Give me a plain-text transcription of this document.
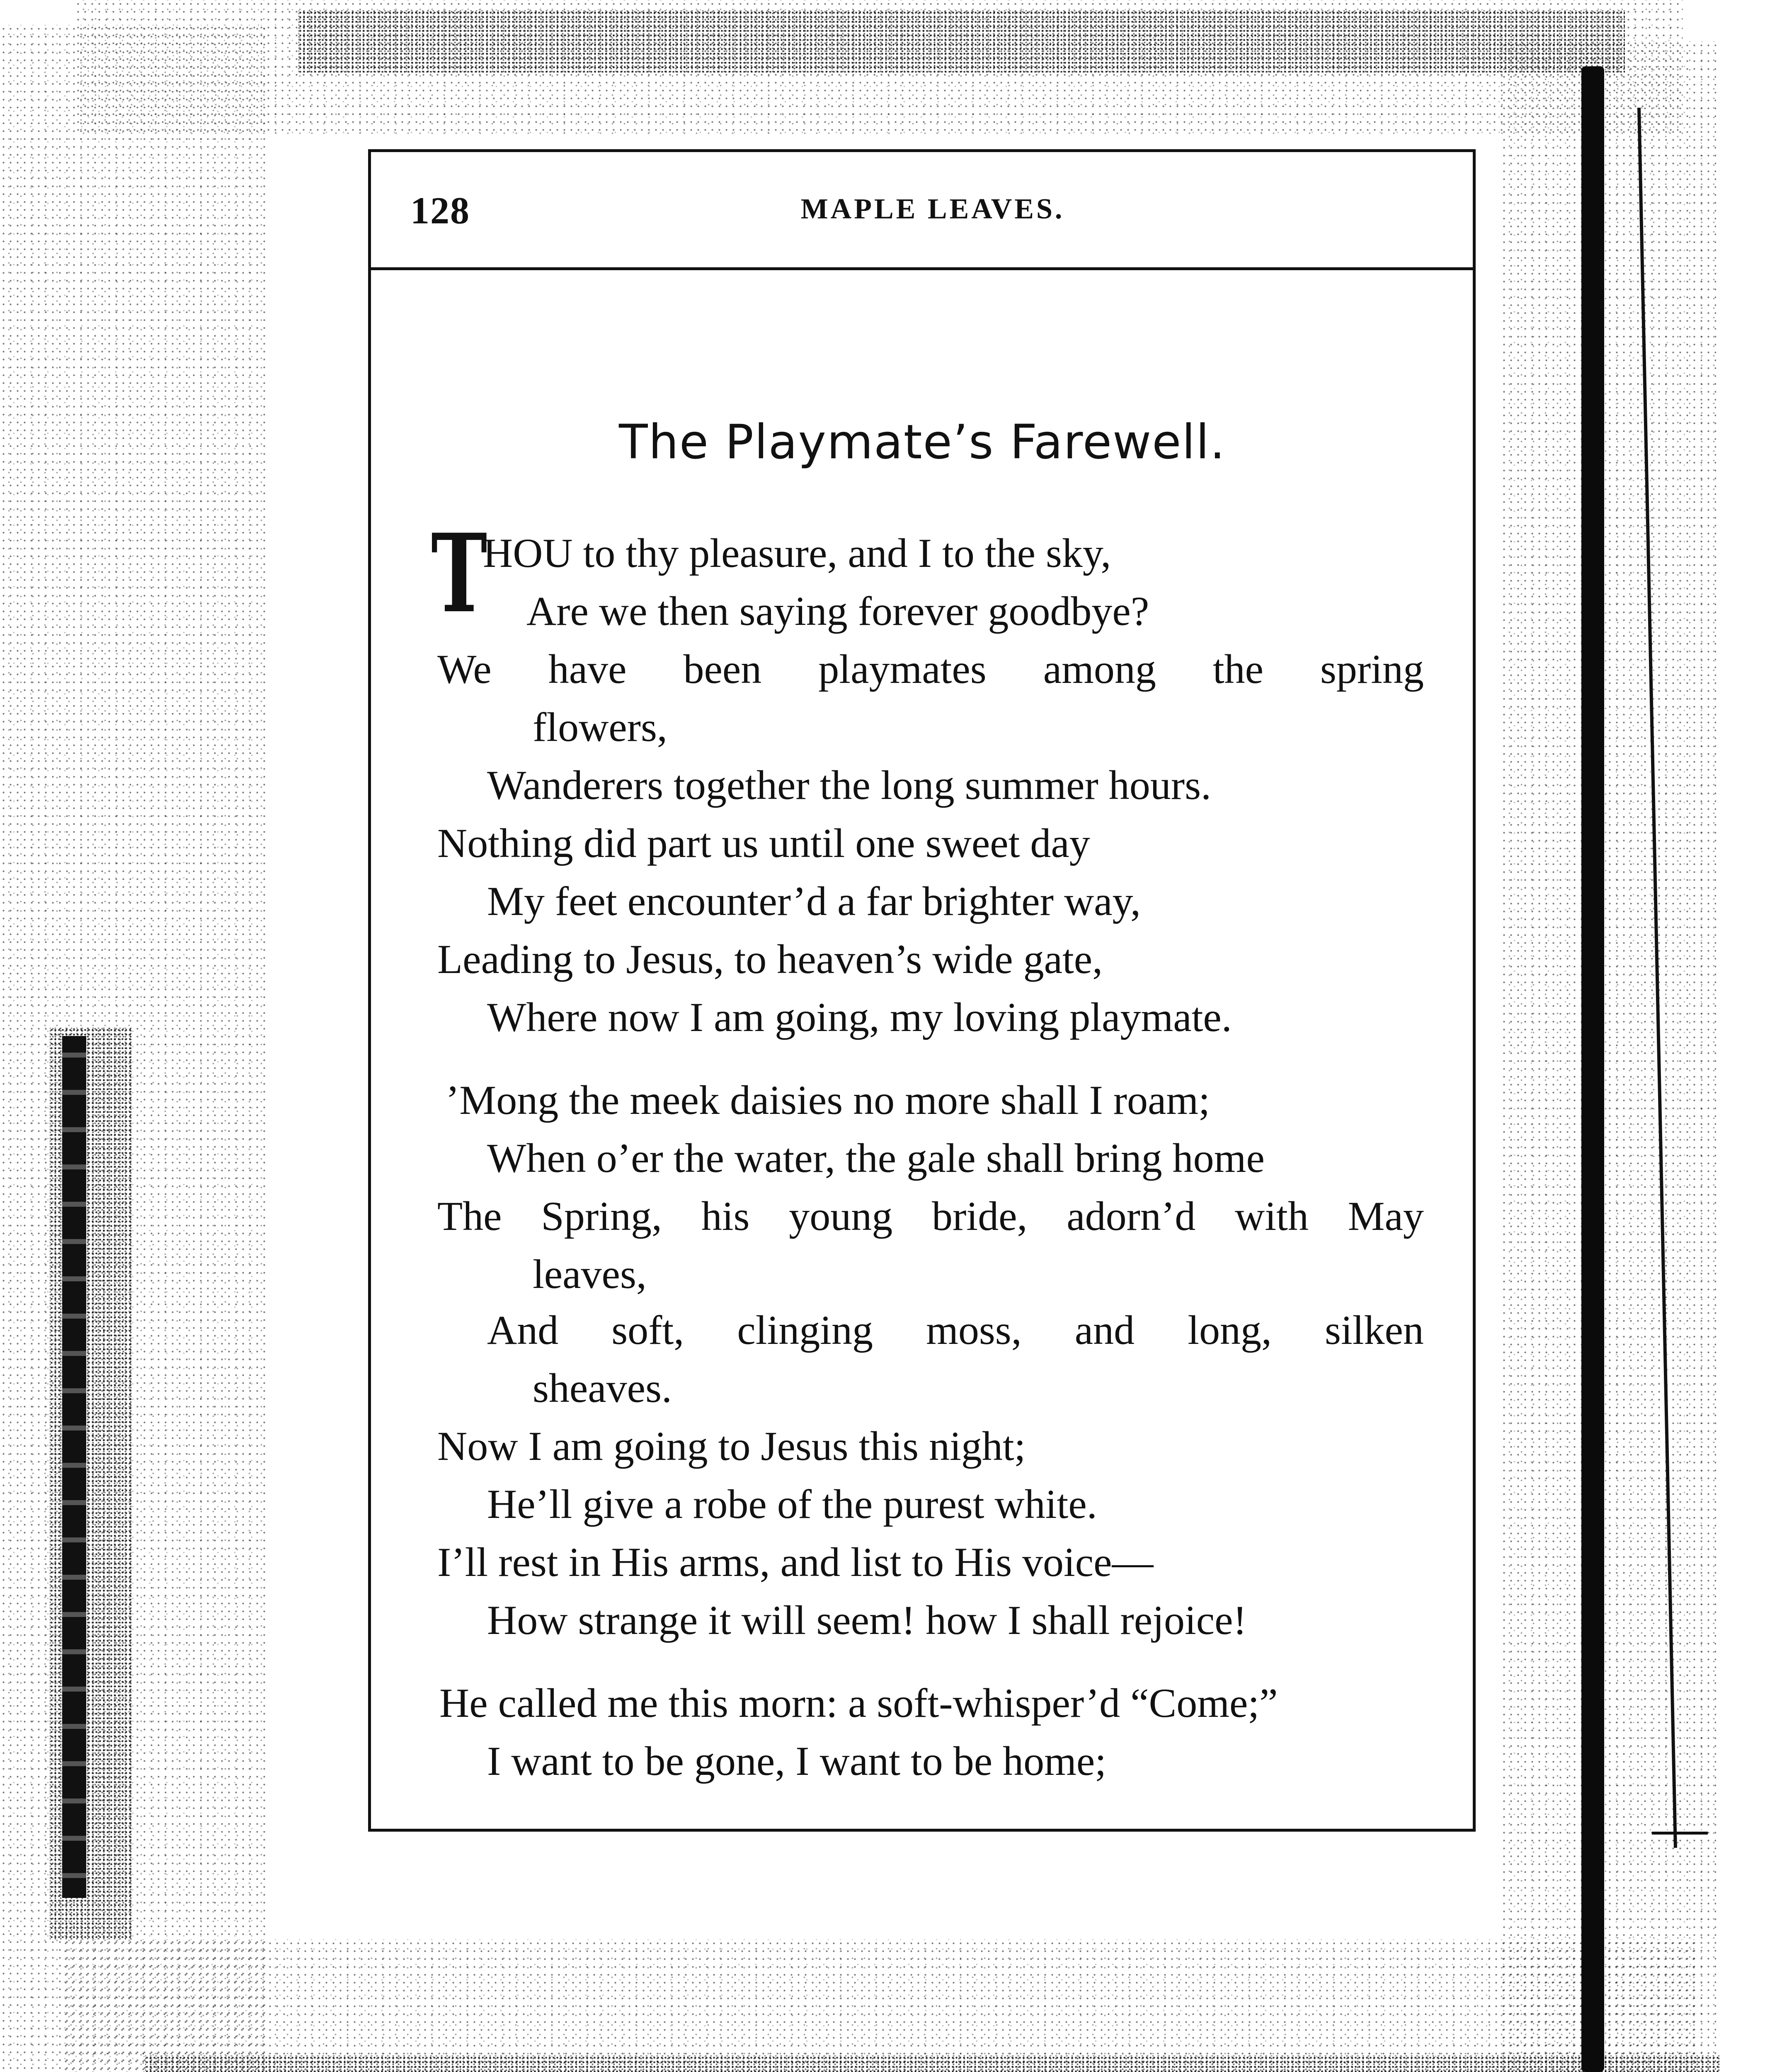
128	MAPLE LEAVES.
The Playmate’s Farewell.
T
HOU to thy pleasure, and I to the sky,
Are we then saying forever goodbye?
We have been playmates among the spring
flowers,
Wanderers together the long summer hours.
Nothing did part us until one sweet day
My feet encounter’d a far brighter way,
Leading to Jesus, to heaven’s wide gate,
Where now I am going, my loving playmate.
’Mong the meek daisies no more shall I roam;
When o’er the water, the gale shall bring home
The Spring, his young bride, adorn’d with May
leaves,
And soft, clinging moss, and long, silken
sheaves.
Now I am going to Jesus this night;
He’ll give a robe of the purest white.
I’ll rest in His arms, and list to His voice—
How strange it will seem! how I shall rejoice!
He called me this morn: a soft-whisper’d “Come;”
I want to be gone, I want to be home;
